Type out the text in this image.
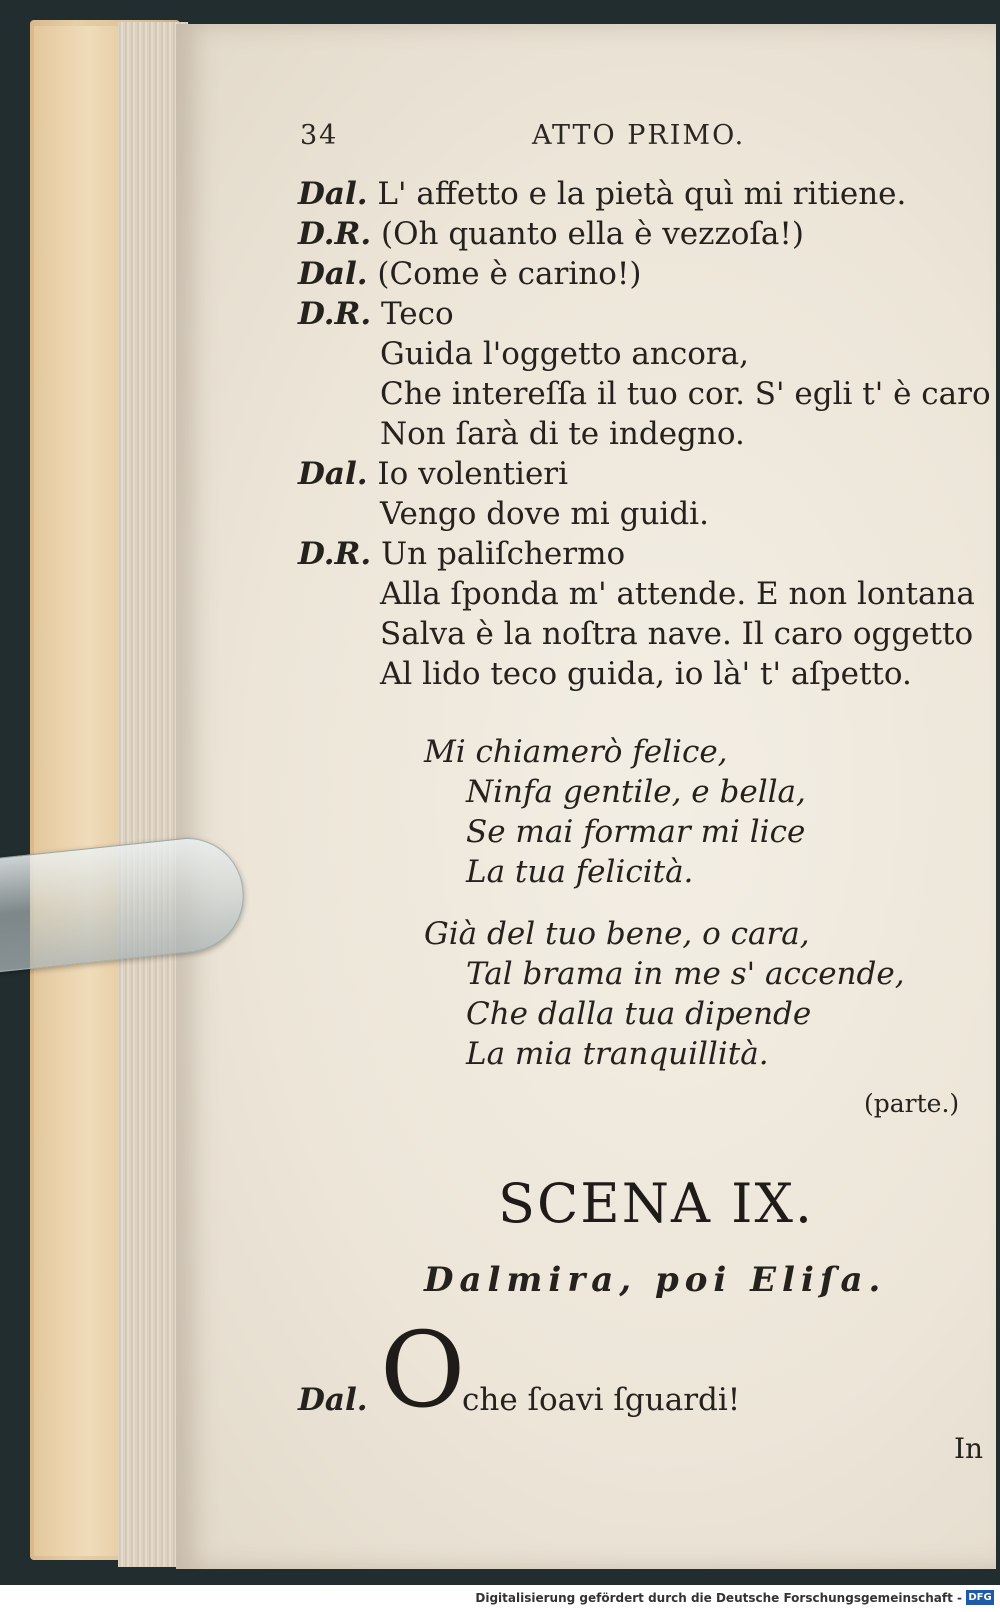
34	ATTO PRIMO.
Dal. L' affetto e la pietà quì mi ritiene.
D.R. (Oh quanto ella è vezzoſa!)
Dal. (Come è carino!)
D.R. Teco
Guida l'oggetto ancora,
Che intereſſa il tuo cor. S' egli t' è caro
Non ſarà di te indegno.
Dal. Io volentieri
Vengo dove mi guidi.
D.R. Un paliſchermo
Alla ſponda m' attende. E non lontana
Salva è la noſtra nave. Il caro oggetto
Al lido teco guida, io là' t' aſpetto.
Mi chiamerò felice,
Ninfa gentile, e bella,
Se mai formar mi lice
La tua felicità.
Già del tuo bene, o cara,
Tal brama in me s' accende,
Che dalla tua dipende
La mia tranquillità.
(parte.)
SCENA IX.
Dalmira, poi Eliſa.
Dal. O
che ſoavi ſguardi!
In
Digitalisierung gefördert durch die Deutsche Forschungsgemeinschaft - DFG
